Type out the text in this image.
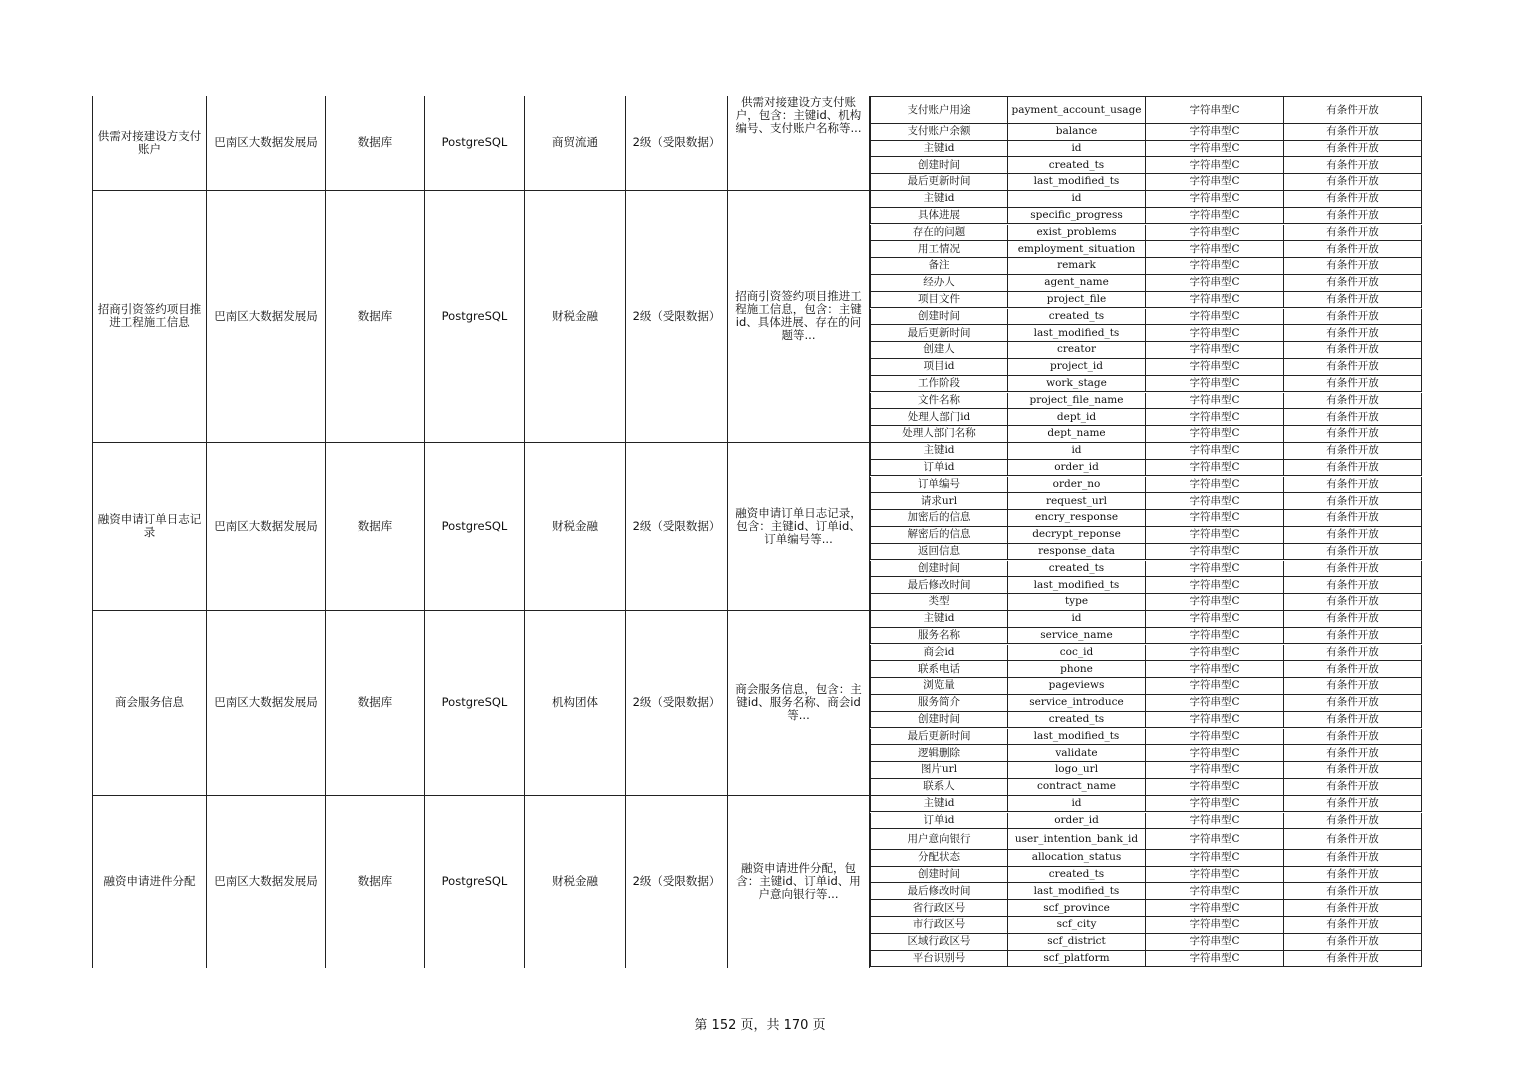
供需对接建设方支付账户	巴南区大数据发展局	数据库	PostgreSQL	商贸流通	2级（受限数据）
供需对接建设方支付账户，包含：主键id、机构编号、支付账户名称等...
支付账户用途	payment_account_usage	字符串型C	有条件开放
支付账户余额	balance	字符串型C	有条件开放
主键id	id	字符串型C	有条件开放
创建时间	created_ts	字符串型C	有条件开放
最后更新时间	last_modified_ts	字符串型C	有条件开放
招商引资签约项目推进工程施工信息	巴南区大数据发展局	数据库	PostgreSQL	财税金融	2级（受限数据）
招商引资签约项目推进工程施工信息，包含：主键id、具体进展、存在的问题等...
主键id	id	字符串型C	有条件开放
具体进展	specific_progress	字符串型C	有条件开放
存在的问题	exist_problems	字符串型C	有条件开放
用工情况	employment_situation	字符串型C	有条件开放
备注	remark	字符串型C	有条件开放
经办人	agent_name	字符串型C	有条件开放
项目文件	project_file	字符串型C	有条件开放
创建时间	created_ts	字符串型C	有条件开放
最后更新时间	last_modified_ts	字符串型C	有条件开放
创建人	creator	字符串型C	有条件开放
项目id	project_id	字符串型C	有条件开放
工作阶段	work_stage	字符串型C	有条件开放
文件名称	project_file_name	字符串型C	有条件开放
处理人部门id	dept_id	字符串型C	有条件开放
处理人部门名称	dept_name	字符串型C	有条件开放
融资申请订单日志记录	巴南区大数据发展局	数据库	PostgreSQL	财税金融	2级（受限数据）
融资申请订单日志记录，包含：主键id、订单id、订单编号等...
主键id	id	字符串型C	有条件开放
订单id	order_id	字符串型C	有条件开放
订单编号	order_no	字符串型C	有条件开放
请求url	request_url	字符串型C	有条件开放
加密后的信息	encry_response	字符串型C	有条件开放
解密后的信息	decrypt_reponse	字符串型C	有条件开放
返回信息	response_data	字符串型C	有条件开放
创建时间	created_ts	字符串型C	有条件开放
最后修改时间	last_modified_ts	字符串型C	有条件开放
类型	type	字符串型C	有条件开放
商会服务信息	巴南区大数据发展局	数据库	PostgreSQL	机构团体	2级（受限数据）
商会服务信息，包含：主键id、服务名称、商会id等...
主键id	id	字符串型C	有条件开放
服务名称	service_name	字符串型C	有条件开放
商会id	coc_id	字符串型C	有条件开放
联系电话	phone	字符串型C	有条件开放
浏览量	pageviews	字符串型C	有条件开放
服务简介	service_introduce	字符串型C	有条件开放
创建时间	created_ts	字符串型C	有条件开放
最后更新时间	last_modified_ts	字符串型C	有条件开放
逻辑删除	validate	字符串型C	有条件开放
图片url	logo_url	字符串型C	有条件开放
联系人	contract_name	字符串型C	有条件开放
融资申请进件分配	巴南区大数据发展局	数据库	PostgreSQL	财税金融	2级（受限数据）
融资申请进件分配，包含：主键id、订单id、用户意向银行等...
主键id	id	字符串型C	有条件开放
订单id	order_id	字符串型C	有条件开放
用户意向银行	user_intention_bank_id	字符串型C	有条件开放
分配状态	allocation_status	字符串型C	有条件开放
创建时间	created_ts	字符串型C	有条件开放
最后修改时间	last_modified_ts	字符串型C	有条件开放
省行政区号	scf_province	字符串型C	有条件开放
市行政区号	scf_city	字符串型C	有条件开放
区域行政区号	scf_district	字符串型C	有条件开放
平台识别号	scf_platform	字符串型C	有条件开放
第 152 页，共 170 页
